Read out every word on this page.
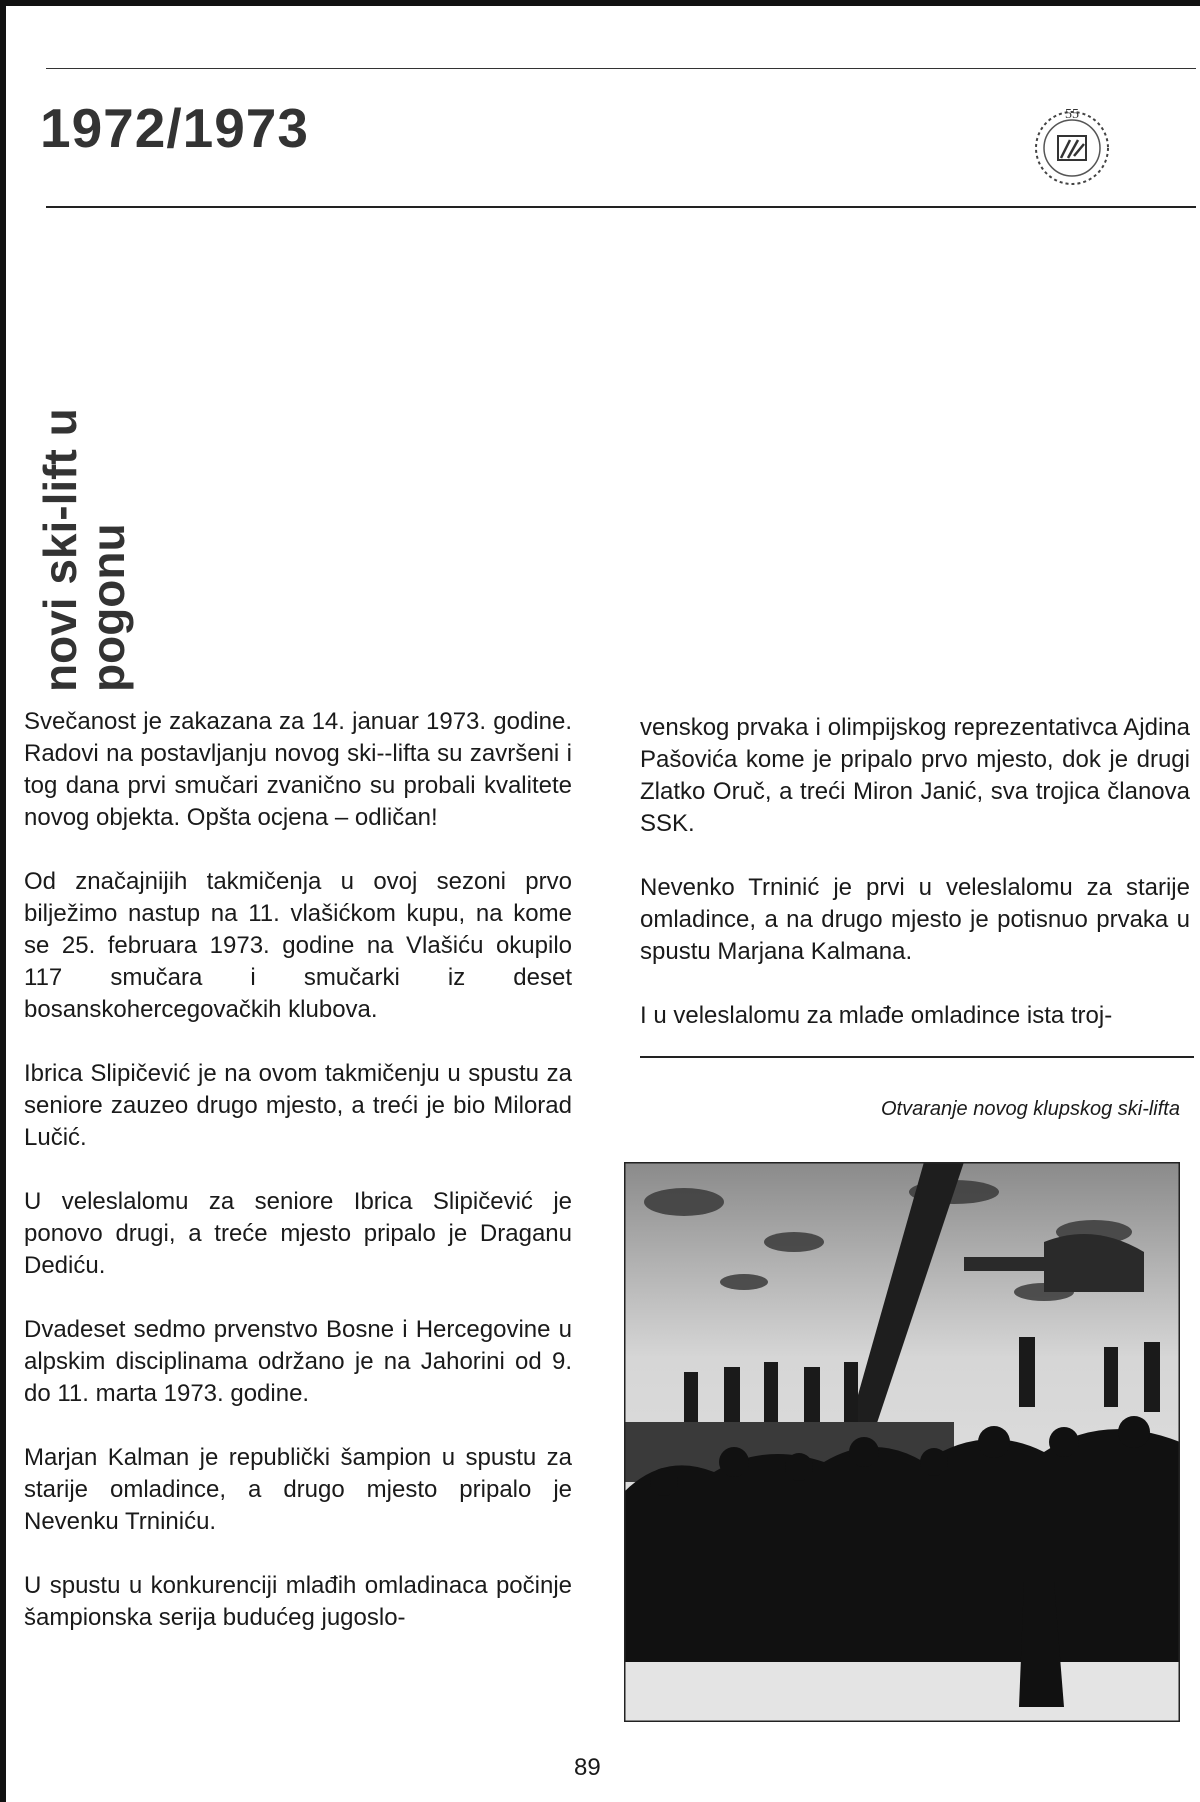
1972/1973	55
novi ski-lift u
pogonu

Svečanost je zakazana za 14. januar 1973. godine. Radovi na postavljanju novog ski--lifta su završeni i tog dana prvi smučari zvanično su probali kvalitete novog objekta. Opšta ocjena – odličan!

Od značajnijih takmičenja u ovoj sezoni prvo bilježimo nastup na 11. vlašićkom kupu, na kome se 25. februara 1973. godine na Vlašiću okupilo 117 smučara i smučarki iz deset bosanskohercegovačkih klubova.

Ibrica Slipičević je na ovom takmičenju u spustu za seniore zauzeo drugo mjesto, a treći je bio Milorad Lučić.

U veleslalomu za seniore Ibrica Slipičević je ponovo drugi, a treće mjesto pripalo je Draganu Dediću.

Dvadeset sedmo prvenstvo Bosne i Hercegovine u alpskim disciplinama održano je na Jahorini od 9. do 11. marta 1973. godine.

Marjan Kalman je republički šampion u spustu za starije omladince, a drugo mjesto pripalo je Nevenku Trniniću.

U spustu u konkurenciji mlađih omladinaca počinje šampionska serija budućeg jugoslo-

venskog prvaka i olimpijskog reprezentativca Ajdina Pašovića kome je pripalo prvo mjesto, dok je drugi Zlatko Oruč, a treći Miron Janić, sva trojica članova SSK.

Nevenko Trninić je prvi u veleslalomu za starije omladince, a na drugo mjesto je potisnuo prvaka u spustu Marjana Kalmana.

I u veleslalomu za mlađe omladince ista troj-

Otvaranje novog klupskog ski-lifta
89
